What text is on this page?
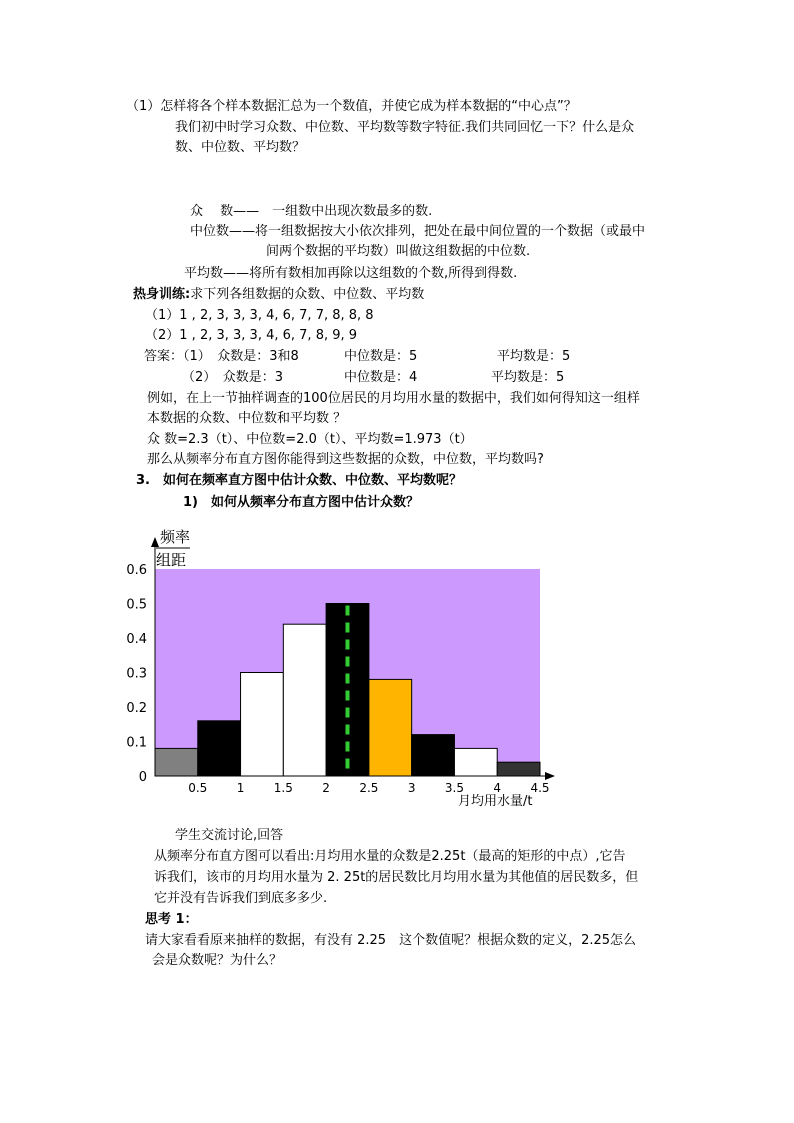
（1）怎样将各个样本数据汇总为一个数值，并使它成为样本数据的“中心点”？
我们初中时学习众数、中位数、平均数等数字特征.我们共同回忆一下？什么是众
数、中位数、平均数？
众　 数——　一组数中出现次数最多的数.
中位数——将一组数据按大小依次排列，把处在最中间位置的一个数据（或最中
间两个数据的平均数）叫做这组数据的中位数.
平均数——将所有数相加再除以这组数的个数,所得到得数.
热身训练:求下列各组数据的众数、中位数、平均数
（1）1 , 2, 3, 3, 3, 4, 6, 7, 7, 8, 8, 8
（2）1 , 2, 3, 3, 3, 4, 6, 7, 8, 9, 9
答案：（1）　众数是：3和8	中位数是：5	平均数是：5
（2）　众数是：3	中位数是：4	平均数是：5
例如，在上一节抽样调查的100位居民的月均用水量的数据中，我们如何得知这一组样
本数据的众数、中位数和平均数 ？
众 数=2.3（t）、中位数=2.0（t）、平均数=1.973（t）
那么从频率分布直方图你能得到这些数据的众数，中位数，平均数吗?
3.　如何在频率直方图中估计众数、中位数、平均数呢？
1)　如何从频率分布直方图中估计众数？
频率
组距
0
0.1
0.2
0.3
0.4
0.5
0.6
0.5 1 1.5 2 2.5 3 3.5 4 4.5
月均用水量/t
学生交流讨论,回答
从频率分布直方图可以看出:月均用水量的众数是2.25t（最高的矩形的中点）,它告
诉我们，该市的月均用水量为 2. 25t的居民数比月均用水量为其他值的居民数多，但
它并没有告诉我们到底多多少.
思考 1：
请大家看看原来抽样的数据，有没有 2.25　这个数值呢？根据众数的定义，2.25怎么
会是众数呢？为什么？
